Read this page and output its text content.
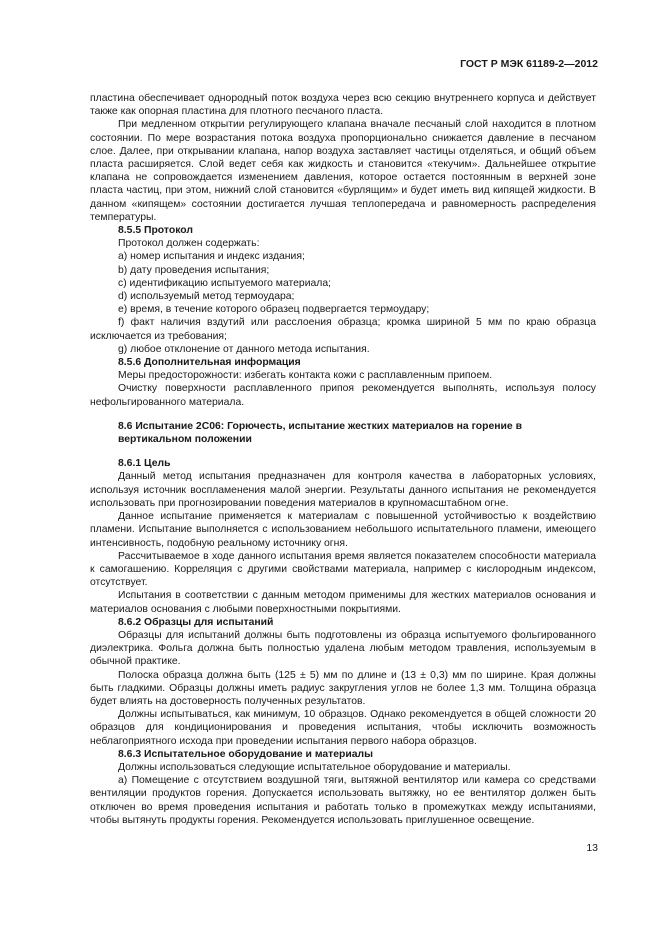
ГОСТ Р МЭК 61189-2—2012

пластина обеспечивает однородный поток воздуха через всю секцию внутреннего корпуса и действует также как опорная пластина для плотного песчаного пласта.

При медленном открытии регулирующего клапана вначале песчаный слой находится в плотном состоянии. По мере возрастания потока воздуха пропорционально снижается давление в песчаном слое. Далее, при открывании клапана, напор воздуха заставляет частицы отделяться, и общий объем пласта расширяется. Слой ведет себя как жидкость и становится «текучим». Дальнейшее открытие клапана не сопровождается изменением давления, которое остается постоянным в верхней зоне пласта частиц, при этом, нижний слой становится «бурлящим» и будет иметь вид кипящей жидкости. В данном «кипящем» состоянии достигается лучшая теплопередача и равномерность распределения температуры.

8.5.5 Протокол

Протокол должен содержать:

a) номер испытания и индекс издания;

b) дату проведения испытания;

c) идентификацию испытуемого материала;

d) используемый метод термоудара;

e) время, в течение которого образец подвергается термоудару;

f) факт наличия вздутий или расслоения образца; кромка шириной 5 мм по краю образца исключается из требования;

g) любое отклонение от данного метода испытания.

8.5.6 Дополнительная информация

Меры предосторожности: избегать контакта кожи с расплавленным припоем.

Очистку поверхности расплавленного припоя рекомендуется выполнять, используя полосу нефольгированного материала.

8.6 Испытание 2С06: Горючесть, испытание жестких материалов на горение в вертикальном положении

8.6.1 Цель

Данный метод испытания предназначен для контроля качества в лабораторных условиях, используя источник воспламенения малой энергии. Результаты данного испытания не рекомендуется использовать при прогнозировании поведения материалов в крупномасштабном огне.

Данное испытание применяется к материалам с повышенной устойчивостью к воздействию пламени. Испытание выполняется с использованием небольшого испытательного пламени, имеющего интенсивность, подобную реальному источнику огня.

Рассчитываемое в ходе данного испытания время является показателем способности материала к самогашению. Корреляция с другими свойствами материала, например с кислородным индексом, отсутствует.

Испытания в соответствии с данным методом применимы для жестких материалов основания и материалов основания с любыми поверхностными покрытиями.

8.6.2 Образцы для испытаний

Образцы для испытаний должны быть подготовлены из образца испытуемого фольгированного диэлектрика. Фольга должна быть полностью удалена любым методом травления, используемым в обычной практике.

Полоска образца должна быть (125 ± 5) мм по длине и (13 ± 0,3) мм по ширине. Края должны быть гладкими. Образцы должны иметь радиус закругления углов не более 1,3 мм. Толщина образца будет влиять на достоверность полученных результатов.

Должны испытываться, как минимум, 10 образцов. Однако рекомендуется в общей сложности 20 образцов для кондиционирования и проведения испытания, чтобы исключить возможность неблагоприятного исхода при проведении испытания первого набора образцов.

8.6.3 Испытательное оборудование и материалы

Должны использоваться следующие испытательное оборудование и материалы.

а) Помещение с отсутствием воздушной тяги, вытяжной вентилятор или камера со средствами вентиляции продуктов горения. Допускается использовать вытяжку, но ее вентилятор должен быть отключен во время проведения испытания и работать только в промежутках между испытаниями, чтобы вытянуть продукты горения. Рекомендуется использовать приглушенное освещение.

13
